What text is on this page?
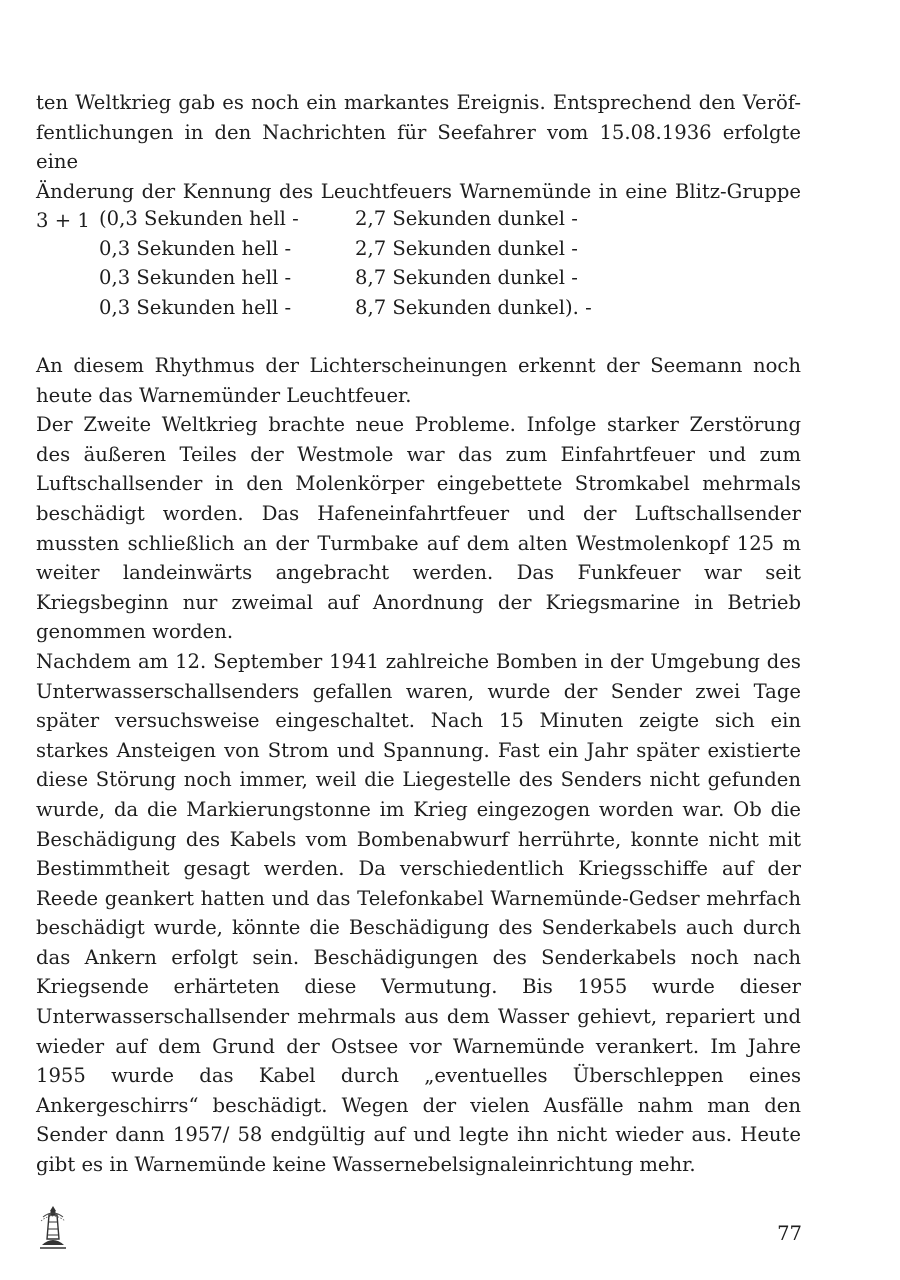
ten Weltkrieg gab es noch ein markantes Ereignis. Entsprechend den Veröf-
fentlichungen in den Nachrichten für Seefahrer vom 15.08.1936 erfolgte eine
Änderung der Kennung des Leuchtfeuers Warnemünde in eine Blitz-Gruppe
3 + 1 (0,3 Sekunden hell -	2,7 Sekunden dunkel -
0,3 Sekunden hell -	2,7 Sekunden dunkel -
0,3 Sekunden hell -	8,7 Sekunden dunkel -
0,3 Sekunden hell -	8,7 Sekunden dunkel). -

An diesem Rhythmus der Lichterscheinungen erkennt der Seemann noch heute das Warnemünder Leuchtfeuer.

Der Zweite Weltkrieg brachte neue Probleme. Infolge starker Zerstörung des äußeren Teiles der Westmole war das zum Einfahrtfeuer und zum Luftschallsender in den Molenkörper eingebettete Stromkabel mehrmals beschädigt worden. Das Hafeneinfahrtfeuer und der Luftschallsender mussten schließlich an der Turmbake auf dem alten Westmolenkopf 125 m weiter landeinwärts angebracht werden. Das Funkfeuer war seit Kriegsbeginn nur zweimal auf Anordnung der Kriegsmarine in Betrieb genommen worden.

Nachdem am 12. September 1941 zahlreiche Bomben in der Umgebung des Unterwasserschallsenders gefallen waren, wurde der Sender zwei Tage später versuchsweise eingeschaltet. Nach 15 Minuten zeigte sich ein starkes Ansteigen von Strom und Spannung. Fast ein Jahr später existierte diese Störung noch immer, weil die Liegestelle des Senders nicht gefunden wurde, da die Markierungstonne im Krieg eingezogen worden war. Ob die Beschädigung des Kabels vom Bombenabwurf herrührte, konnte nicht mit Bestimmtheit gesagt werden. Da verschiedentlich Kriegsschiffe auf der Reede geankert hatten und das Telefonkabel Warnemünde-Gedser mehrfach beschädigt wurde, könnte die Beschädigung des Senderkabels auch durch das Ankern erfolgt sein. Beschädigungen des Senderkabels noch nach Kriegsende erhärteten diese Vermutung. Bis 1955 wurde dieser Unterwasserschallsender mehrmals aus dem Wasser gehievt, repariert und wieder auf dem Grund der Ostsee vor Warnemünde verankert. Im Jahre 1955 wurde das Kabel durch „eventuelles Überschleppen eines Ankergeschirrs“ beschädigt. Wegen der vielen Ausfälle nahm man den Sender dann 1957/ 58 endgültig auf und legte ihn nicht wieder aus. Heute gibt es in Warnemünde keine Wassernebelsignaleinrichtung mehr.

77
